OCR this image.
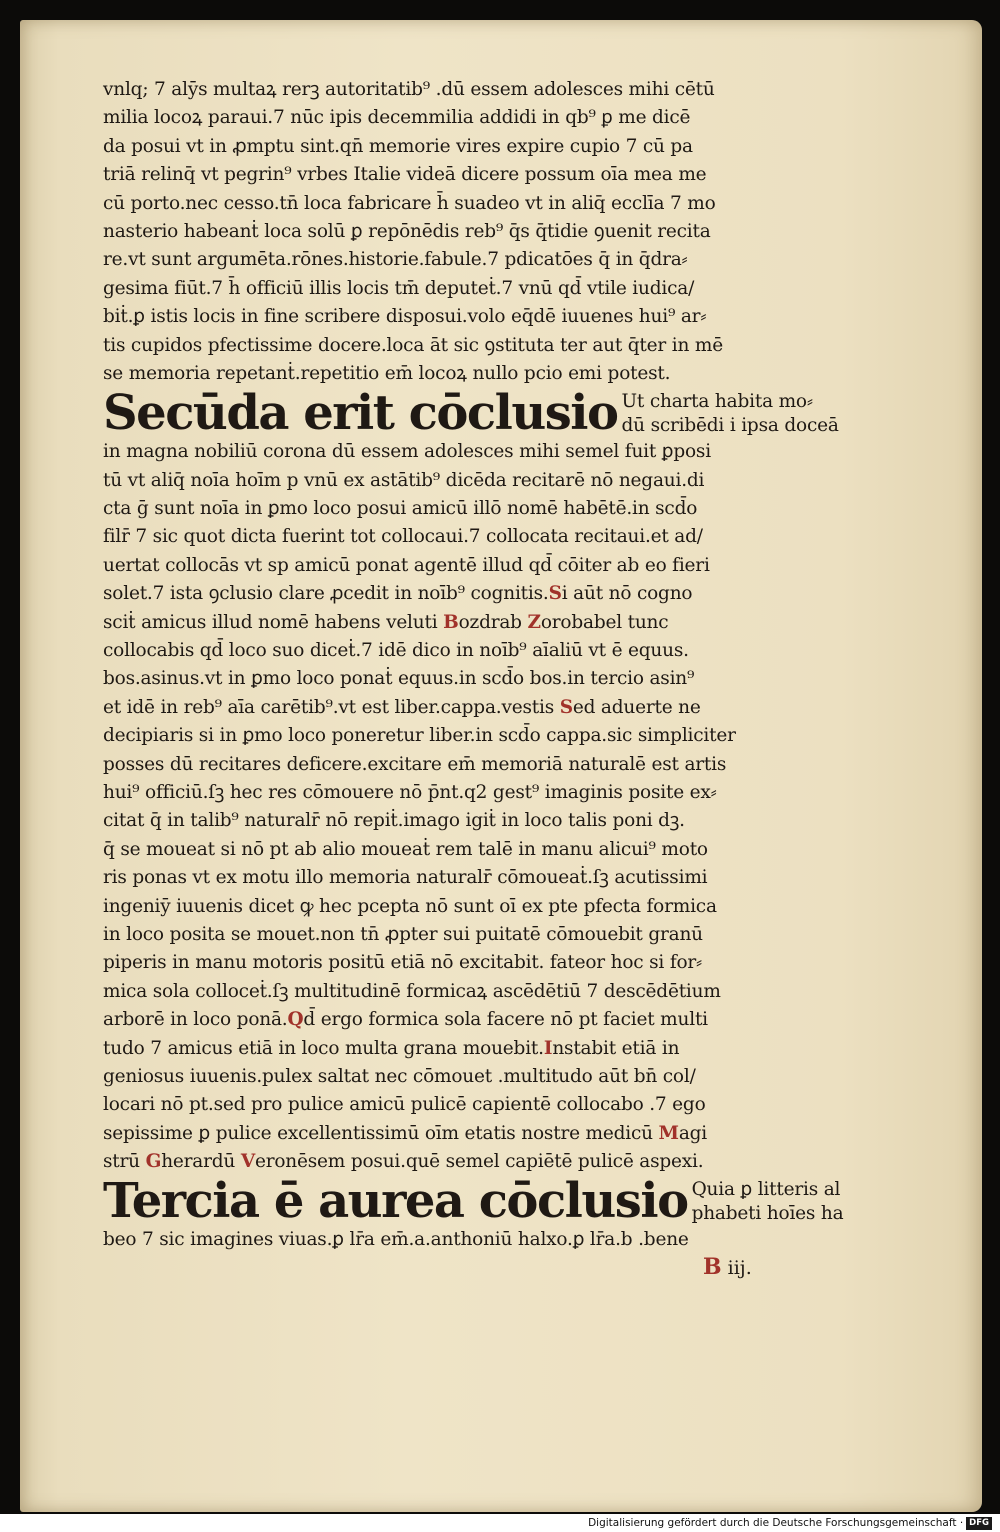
vnlq; 7 alȳs multaꝝ rerꝫ autoritatib⁹ .dū essem adolesces mihi cētū
milia locoꝝ paraui.7 nūc ipis decemmilia addidi in qb⁹ ꝑ me dicē
da posui vt in ꝓmptu sint.qn̄ memorie vires expire cupio 7 cū pa
triā relinq̄ vt pegrin⁹ vrbes Italie videā dicere possum oīa mea me
cū porto.nec cesso.tn̄ loca fabricare h̄ suadeo vt in aliq̄ ecclīa 7 mo
nasterio habeanṫ loca solū ꝑ repōnēdis reb⁹ q̄s q̄tidie ꝯuenit recita
re.vt sunt argumēta.rōnes.historie.fabule.7 pdicatōes q̄ in q̄dra⸗
gesima fiūt.7 h̄ officiū illis locis tm̄ deputeṫ.7 vnū qd̄ vtile iudica/
biṫ.ꝑ istis locis in fine scribere disposui.volo eq̄dē iuuenes hui⁹ ar⸗
tis cupidos pfectissime docere.loca āt sic ꝯstituta ter aut q̄ter in mē
se memoria repetanṫ.repetitio em̄ locoꝝ nullo pcio emi potest.
Secūda erit cōclusio Ut charta habita mo⸗
dū scribēdi i ipsa doceā
in magna nobiliū corona dū essem adolesces mihi semel fuit ꝑposi
tū vt aliq̄ noīa hoīm p vnū ex astātib⁹ dicēda recitarē nō negaui.di
cta ḡ sunt noīa in ꝑmo loco posui amicū illō nomē habētē.in scd̄o
filr̄ 7 sic quot dicta fuerint tot collocaui.7 collocata recitaui.et ad/
uertat collocās vt sp amicū ponat agentē illud qd̄ cōiter ab eo fieri
solet.7 ista ꝯclusio clare ꝓcedit in noīb⁹ cognitis.Si aūt nō cogno
sciṫ amicus illud nomē habens veluti Bozdrab Zorobabel tunc
collocabis qd̄ loco suo diceṫ.7 idē dico in noīb⁹ aīaliū vt ē equus.
bos.asinus.vt in ꝑmo loco ponaṫ equus.in scd̄o bos.in tercio asin⁹
et idē in reb⁹ aīa carētib⁹.vt est liber.cappa.vestis Sed aduerte ne
decipiaris si in ꝑmo loco poneretur liber.in scd̄o cappa.sic simpliciter
posses dū recitares deficere.excitare em̄ memoriā naturalē est artis
hui⁹ officiū.ſꝫ hec res cōmouere nō p̄nt.q2 gest⁹ imaginis posite ex⸗
citat q̄ in talib⁹ naturalr̄ nō repiṫ.imago igiṫ in loco talis poni dꝫ.
q̄ se moueat si nō pt ab alio moueaṫ rem talē in manu alicui⁹ moto
ris ponas vt ex motu illo memoria naturalr̄ cōmoueaṫ.ſꝫ acutissimi
ingeniȳ iuuenis dicet ꝙ hec pcepta nō sunt oī ex pte pfecta formica
in loco posita se mouet.non tn̄ ꝓpter sui puitatē cōmouebit granū
piperis in manu motoris positū etiā nō excitabit. fateor hoc si for⸗
mica sola colloceṫ.ſꝫ multitudinē formicaꝝ ascēdētiū 7 descēdētium
arborē in loco ponā. Qd̄ ergo formica sola facere nō pt faciet multi
tudo 7 amicus etiā in loco multa grana mouebit.Instabit etiā in
geniosus iuuenis.pulex saltat nec cōmouet .multitudo aūt bn̄ col/
locari nō pt.sed pro pulice amicū pulicē capientē collocabo .7 ego
sepissime ꝑ pulice excellentissimū oīm etatis nostre medicū Magi
strū Gherardū Veronēsem posui.quē semel capiētē pulicē aspexi.
Tercia ē aurea cōclusio Quia ꝑ litteris al
phabeti hoīes ha
beo 7 sic imagines viuas.ꝑ lr̄a em̄.a.anthoniū halxo.ꝑ lr̄a.b .bene
B iij.
Digitalisierung gefördert durch die Deutsche Forschungsgemeinschaft · DFG
